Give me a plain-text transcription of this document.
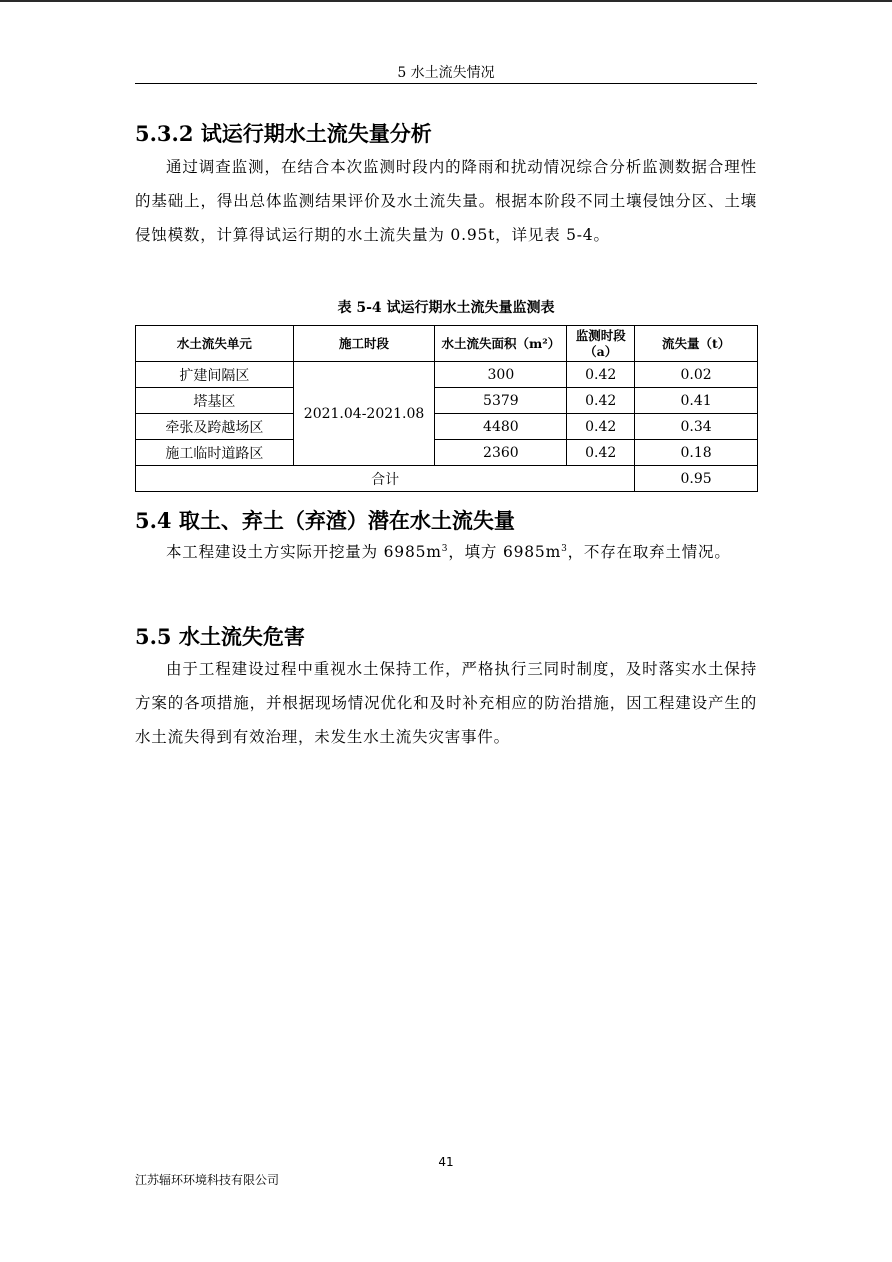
5 水土流失情况
5.3.2 试运行期水土流失量分析
通过调查监测，在结合本次监测时段内的降雨和扰动情况综合分析监测数据合理性的基础上，得出总体监测结果评价及水土流失量。根据本阶段不同土壤侵蚀分区、土壤侵蚀模数，计算得试运行期的水土流失量为 0.95t，详见表 5-4。
表 5-4 试运行期水土流失量监测表
水土流失单元	施工时段	水土流失面积（m²）	监测时段（a）	流失量（t）
扩建间隔区	2021.04-2021.08	300	0.42	0.02
塔基区		5379	0.42	0.41
牵张及跨越场区		4480	0.42	0.34
施工临时道路区		2360	0.42	0.18
合计				0.95
5.4 取土、弃土（弃渣）潜在水土流失量
本工程建设土方实际开挖量为 $6985m^3$，填方 $6985m^3$，不存在取弃土情况。
5.5 水土流失危害
由于工程建设过程中重视水土保持工作，严格执行三同时制度，及时落实水土保持方案的各项措施，并根据现场情况优化和及时补充相应的防治措施，因工程建设产生的水土流失得到有效治理，未发生水土流失灾害事件。
41
江苏辐环环境科技有限公司
